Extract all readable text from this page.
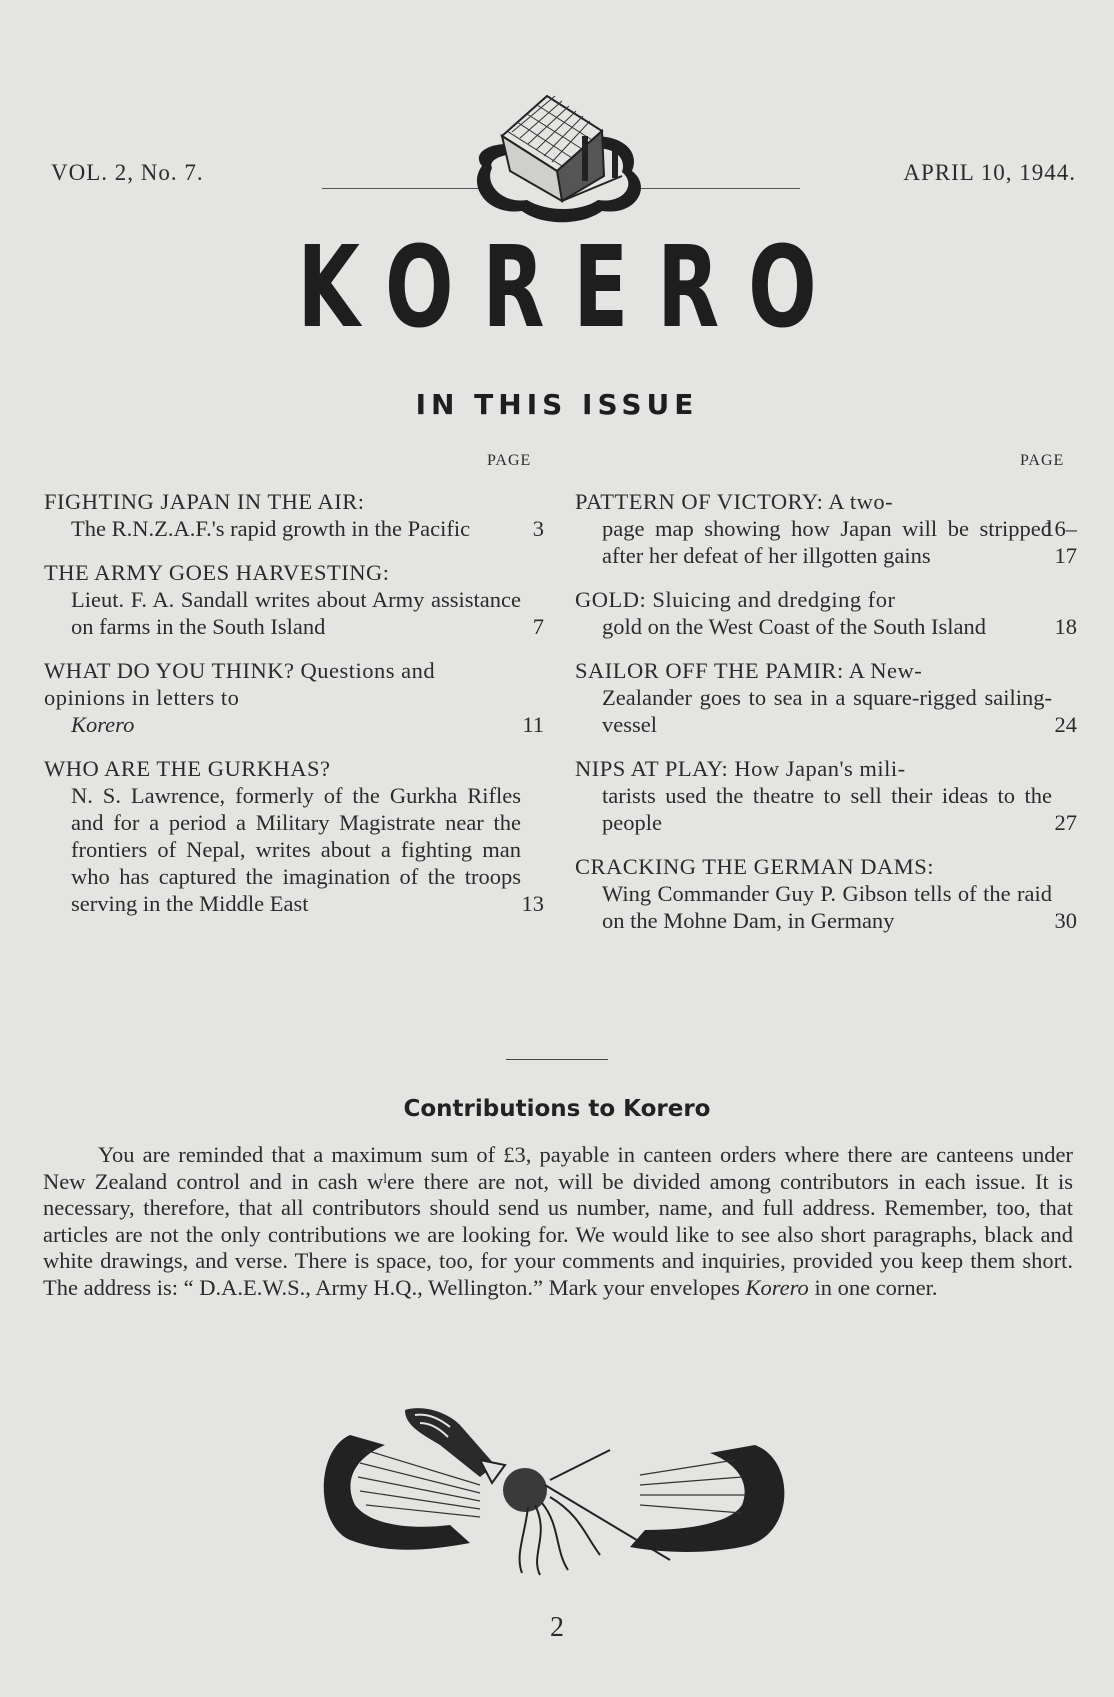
VOL. 2, No. 7.	APRIL 10, 1944.
KORERO
IN THIS ISSUE
PAGE	PAGE
FIGHTING JAPAN IN THE AIR:
The R.N.Z.A.F.'s rapid growth in the Pacific	3
THE ARMY GOES HARVESTING:
Lieut. F. A. Sandall writes about Army assistance on farms in the South Island	7
WHAT DO YOU THINK? Questions and opinions in letters to
Korero	11
WHO ARE THE GURKHAS?
N. S. Lawrence, formerly of the Gurkha Rifles and for a period a Military Magistrate near the frontiers of Nepal, writes about a fighting man who has captured the imagination of the troops serving in the Middle East	13
PATTERN OF VICTORY: A two-
page map showing how Japan will be stripped after her defeat of her illgotten gains
16–17
GOLD: Sluicing and dredging for
gold on the West Coast of the South Island	18
SAILOR OFF THE PAMIR: A New-
Zealander goes to sea in a square-rigged sailing-vessel	24
NIPS AT PLAY: How Japan's mili-
tarists used the theatre to sell their ideas to the people	27
CRACKING THE GERMAN DAMS:
Wing Commander Guy P. Gibson tells of the raid on the Mohne Dam, in Germany	30
Contributions to Korero
You are reminded that a maximum sum of £3, payable in canteen orders where there are canteens under New Zealand control and in cash wˡere there are not, will be divided among contributors in each issue. It is necessary, therefore, that all contributors should send us number, name, and full address. Remember, too, that articles are not the only contributions we are looking for. We would like to see also short paragraphs, black and white drawings, and verse. There is space, too, for your comments and inquiries, provided you keep them short. The address is: “ D.A.E.W.S., Army H.Q., Wellington.” Mark your envelopes Korero in one corner.
2
